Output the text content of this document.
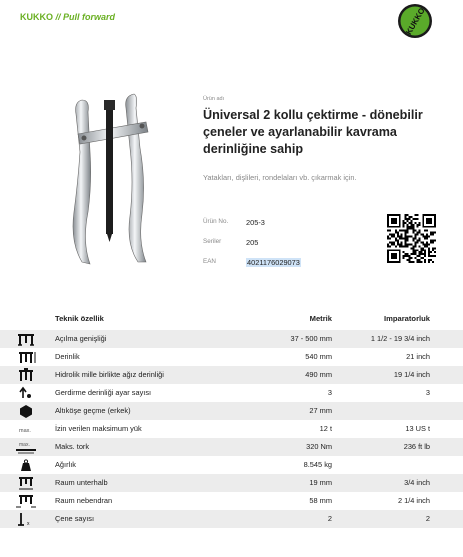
KUKKO // Pull forward	KUKKO
Ürün adı
Üniversal 2 kollu çektirme - dönebilir çeneler ve ayarlanabilir kavrama derinliğine sahip
Yatakları, dişlileri, rondelaları vb. çıkarmak için.
Ürün No. 205-3
Seriler	205
EAN	4021176029073
Teknik özellik	Metrik	Imparatorluk
Açılma genişliği	37 - 500 mm	1 1/2 - 19 3/4 inch
Derinlik	540 mm	21 inch
Hidrolik mille birlikte ağız derinliği	490 mm	19 1/4 inch
Gerdirme derinliği ayar sayısı	3	3
Altıköşe geçme (erkek)	27 mm
max.	İzin verilen maksimum yük	12 t	13 US t
max.	Maks. tork	320 Nm	236 ft lb
Ağırlık	8.545 kg
Raum unterhalb	19 mm	3/4 inch
Raum nebendran	58 mm	2 1/4 inch
x
Çene sayısı	2	2
